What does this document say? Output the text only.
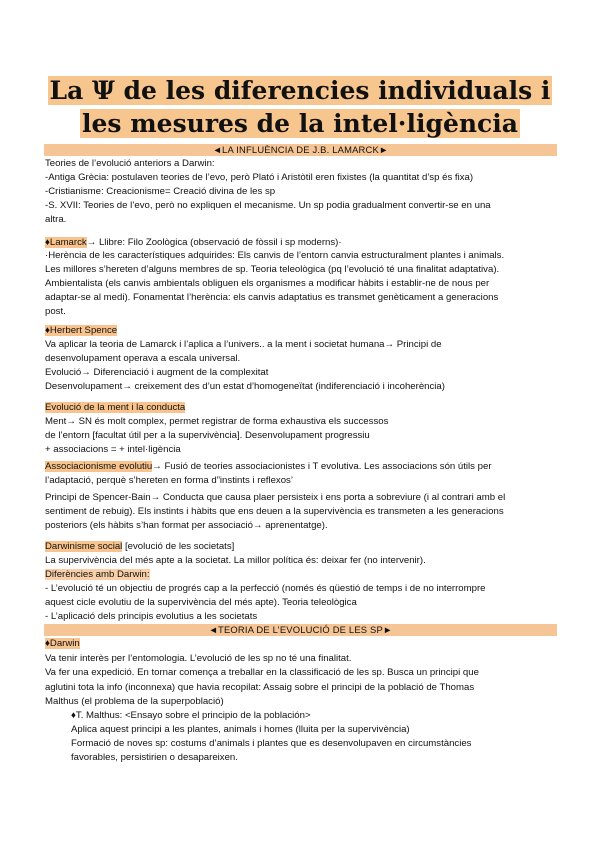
La Ψ de les diferencies individuals i
les mesures de la intel·ligència
◄LA INFLUÈNCIA DE J.B. LAMARCK►
Teories de l’evolució anteriors a Darwin:
-Antiga Grècia: postulaven teories de l’evo, però Plató i Aristòtil eren fixistes (la quantitat d’sp és fixa)
-Cristianisme: Creacionisme= Creació divina de les sp
-S. XVII: Teories de l’evo, però no expliquen el mecanisme. Un sp podia gradualment convertir-se en una
altra.
♦Lamarck→ Llibre: Filo Zoològica (observació de fòssil i sp moderns)·
·Herència de les característiques adquirides: Els canvis de l’entorn canvia estructuralment plantes i animals.
Les millores s’hereten d’alguns membres de sp. Teoria teleològica (pq l’evolució té una finalitat adaptativa).
Ambientalista (els canvis ambientals obliguen els organismes a modificar hàbits i establir-ne de nous per
adaptar-se al medi). Fonamentat l’herència: els canvis adaptatius es transmet genèticament a generacions
post.
♦Herbert Spence
Va aplicar la teoria de Lamarck i l’aplica a l’univers.. a la ment i societat humana→ Principi de
desenvolupament operava a escala universal.
Evolució→ Diferenciació i augment de la complexitat
Desenvolupament→ creixement des d’un estat d’homogeneïtat (indiferenciació i incoherència)
Evolució de la ment i la conducta
Ment→ SN és molt complex, permet registrar de forma exhaustiva els successos
de l’entorn [facultat útil per a la supervivència]. Desenvolupament progressiu
+ associacions = + intel·ligència
Associacionisme evolutiu→ Fusió de teories associacionistes i T evolutiva. Les associacions són útils per
l’adaptació, perquè s’hereten en forma d”instints i reflexos’
Principi de Spencer-Bain→ Conducta que causa plaer persisteix i ens porta a sobreviure (i al contrari amb el
sentiment de rebuig). Els instints i hàbits que ens deuen a la supervivència es transmeten a les generacions
posteriors (els hàbits s’han format per associació→ aprenentatge).
Darwinisme social [evolució de les societats]
La supervivència del més apte a la societat. La millor política és: deixar fer (no intervenir).
Diferències amb Darwin:
- L’evolució té un objectiu de progrés cap a la perfecció (només és qüestió de temps i de no interrompre
aquest cicle evolutiu de la supervivència del més apte). Teoria teleològica
- L’aplicació dels principis evolutius a les societats
◄TEORIA DE L’EVOLUCIÓ DE LES SP►
♦Darwin
Va tenir interès per l’entomologia. L’evolució de les sp no té una finalitat.
Va fer una expedició. En tornar comença a treballar en la classificació de les sp. Busca un principi que
aglutini tota la info (inconnexa) que havia recopilat: Assaig sobre el principi de la població de Thomas
Malthus (el problema de la superpoblació)
♦T. Malthus: <Ensayo sobre el principio de la población>
Aplica aquest principi a les plantes, animals i homes (lluita per la supervivència)
Formació de noves sp: costums d’animals i plantes que es desenvolupaven en circumstàncies
favorables, persistirien o desapareixen.
